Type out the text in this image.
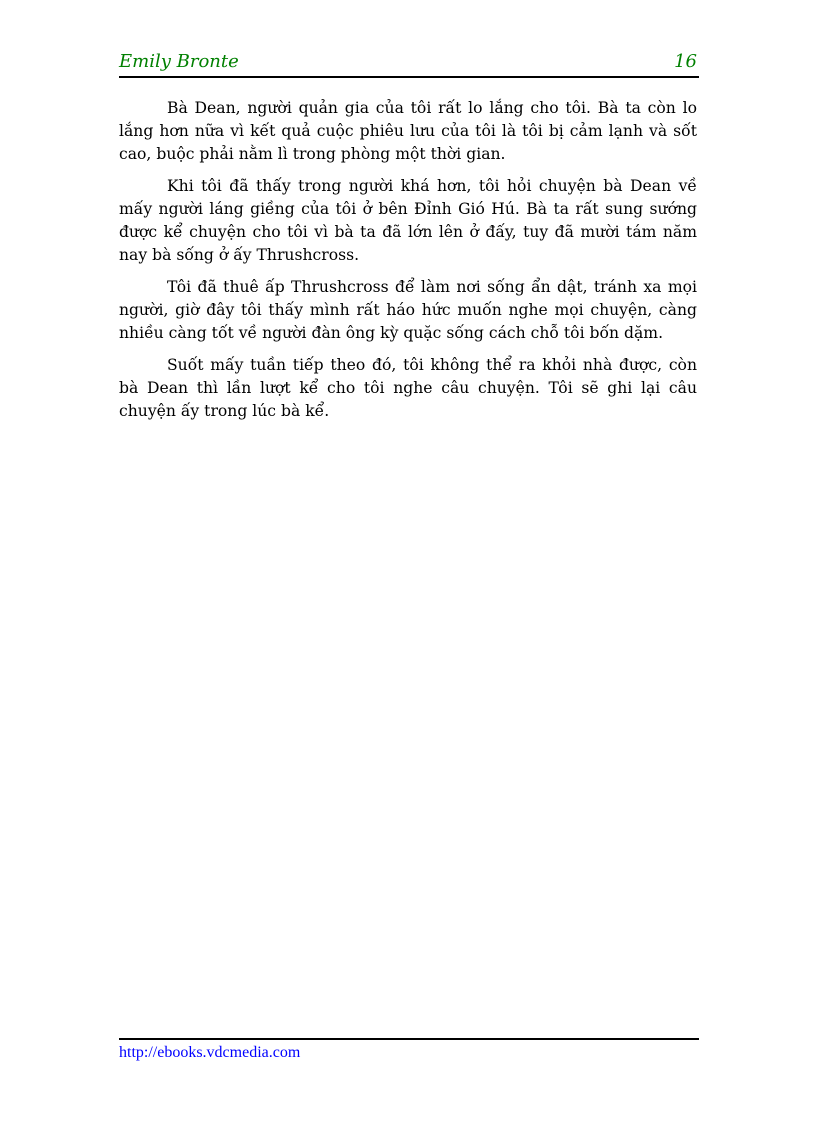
Emily Bronte	16

Bà Dean, người quản gia của tôi rất lo lắng cho tôi. Bà ta còn lo lắng hơn nữa vì kết quả cuộc phiêu lưu của tôi là tôi bị cảm lạnh và sốt cao, buộc phải nằm lì trong phòng một thời gian.

Khi tôi đã thấy trong người khá hơn, tôi hỏi chuyện bà Dean về mấy người láng giềng của tôi ở bên Đỉnh Gió Hú. Bà ta rất sung sướng được kể chuyện cho tôi vì bà ta đã lớn lên ở đấy, tuy đã mười tám năm nay bà sống ở ấy Thrushcross.

Tôi đã thuê ấp Thrushcross để làm nơi sống ẩn dật, tránh xa mọi người, giờ đây tôi thấy mình rất háo hức muốn nghe mọi chuyện, càng nhiều càng tốt về người đàn ông kỳ quặc sống cách chỗ tôi bốn dặm.

Suốt mấy tuần tiếp theo đó, tôi không thể ra khỏi nhà được, còn bà Dean thì lần lượt kể cho tôi nghe câu chuyện. Tôi sẽ ghi lại câu chuyện ấy trong lúc bà kể.

http://ebooks.vdcmedia.com
